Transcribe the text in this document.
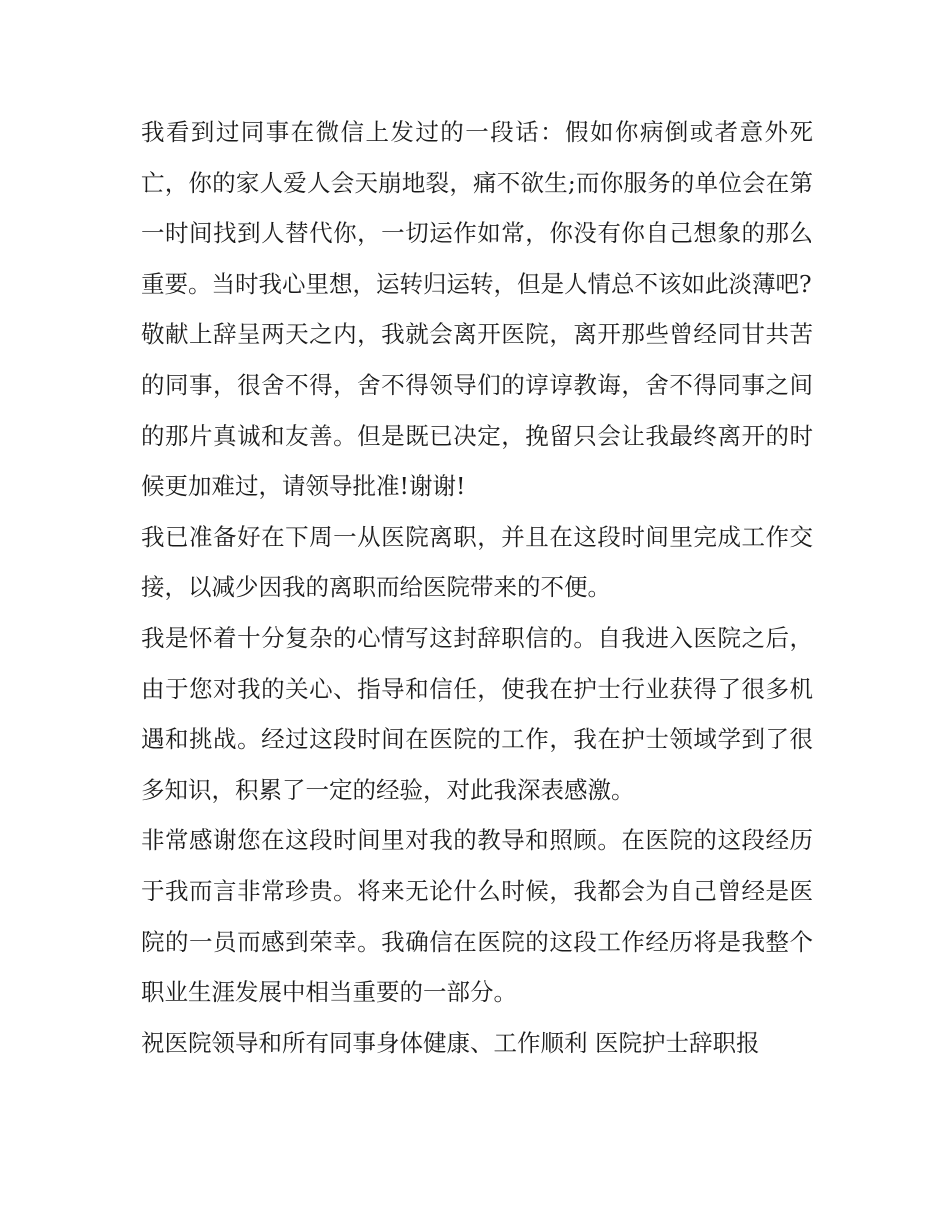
我看到过同事在微信上发过的一段话：假如你病倒或者意外死亡，你的家人爱人会天崩地裂，痛不欲生;而你服务的单位会在第一时间找到人替代你，一切运作如常，你没有你自己想象的那么重要。当时我心里想，运转归运转，但是人情总不该如此淡薄吧?

敬献上辞呈两天之内，我就会离开医院，离开那些曾经同甘共苦的同事，很舍不得，舍不得领导们的谆谆教诲，舍不得同事之间的那片真诚和友善。但是既已决定，挽留只会让我最终离开的时候更加难过，请领导批准!谢谢!

我已准备好在下周一从医院离职，并且在这段时间里完成工作交接，以减少因我的离职而给医院带来的不便。

我是怀着十分复杂的心情写这封辞职信的。自我进入医院之后，由于您对我的关心、指导和信任，使我在护士行业获得了很多机遇和挑战。经过这段时间在医院的工作，我在护士领域学到了很多知识，积累了一定的经验，对此我深表感激。

非常感谢您在这段时间里对我的教导和照顾。在医院的这段经历于我而言非常珍贵。将来无论什么时候，我都会为自己曾经是医院的一员而感到荣幸。我确信在医院的这段工作经历将是我整个职业生涯发展中相当重要的一部分。

祝医院领导和所有同事身体健康、工作顺利 医院护士辞职报
